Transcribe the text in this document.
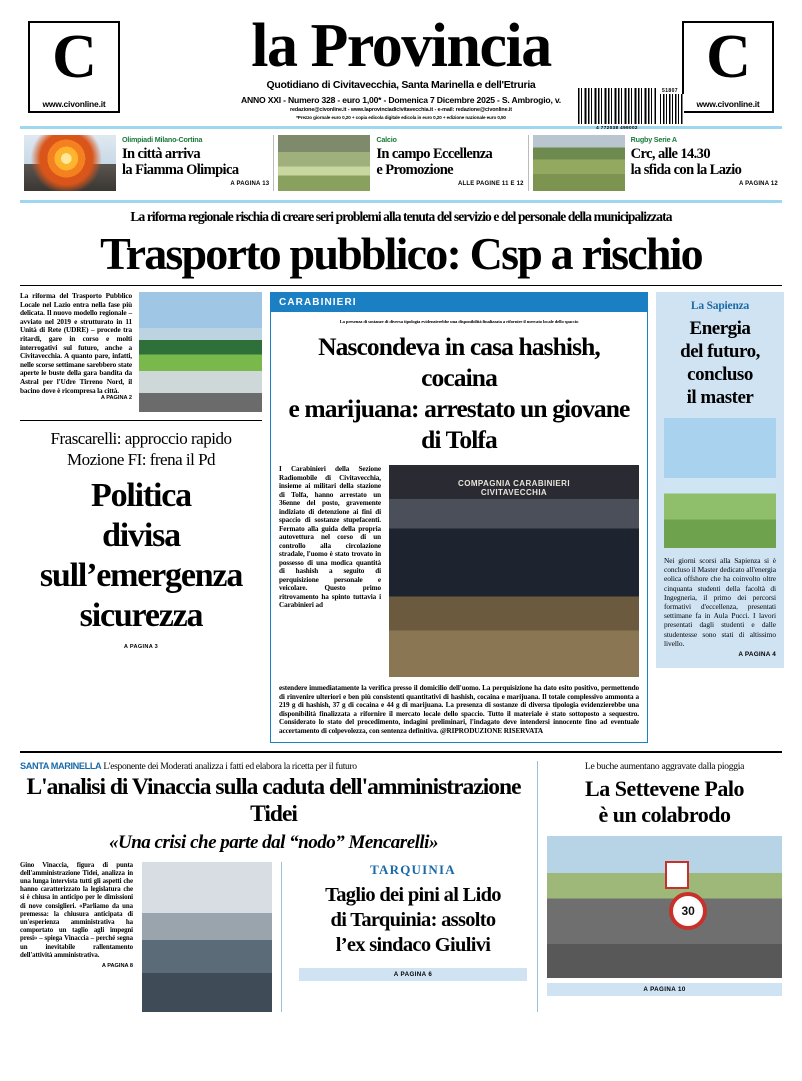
C
www.civonline.it
la Provincia
Quotidiano di Civitavecchia, Santa Marinella e dell'Etruria
ANNO XXI - Numero 328 - euro 1,00* - Domenica 7 Dicembre 2025 - S. Ambrogio, v.
redazione@civonline.it - www.laprovinciadicivitavecchia.it - e-mail: redazione@civonline.it
*Prezzo giornale euro 0,20 + copia edicola digitale edicola in euro 0,20 + edizione nazionale euro 0,50
C
www.civonline.it
4 772038 499002
51807
Olimpiadi Milano-Cortina
In città arriva
la Fiamma Olimpica
A PAGINA 13
Calcio
In campo Eccellenza
e Promozione
ALLE PAGINE 11 E 12
Rugby Serie A
Crc, alle 14.30
la sfida con la Lazio
A PAGINA 12
La riforma regionale rischia di creare seri problemi alla tenuta del servizio e del personale della municipalizzata
Trasporto pubblico: Csp a rischio
La riforma del Trasporto Pubblico Locale nel Lazio entra nella fase più delicata. Il nuovo modello regionale – avviato nel 2019 e strutturato in 11 Unità di Rete (UDRE) – procede tra ritardi, gare in corso e molti interrogativi sul futuro, anche a Civitavecchia. A quanto pare, infatti, nelle scorse settimane sarebbero state aperte le buste della gara bandita da Astral per l'Udre Tirreno Nord, il bacino dove è ricompresa la città.
A PAGINA 2
Frascarelli: approccio rapido
Mozione FI: frena il Pd
Politica
divisa
sull’emergenza
sicurezza
A PAGINA 3
CARABINIERI
La presenza di sostanze di diversa tipologia evidenzierebbe una disponibilità finalizzata a rifornire il mercato locale dello spaccio
Nascondeva in casa hashish, cocaina
e marijuana: arrestato un giovane di Tolfa
I Carabinieri della Sezione Radiomobile di Civitavecchia, insieme ai militari della stazione di Tolfa, hanno arrestato un 36enne del posto, gravemente indiziato di detenzione ai fini di spaccio di sostanze stupefacenti. Fermato alla guida della propria autovettura nel corso di un controllo alla circolazione stradale, l'uomo è stato trovato in possesso di una modica quantità di hashish a seguito di perquisizione personale e veicolare. Questo primo ritrovamento ha spinto tuttavia i Carabinieri ad
COMPAGNIA CARABINIERI
CIVITAVECCHIA
estendere immediatamente la verifica presso il domicilio dell'uomo. La perquisizione ha dato esito positivo, permettendo di rinvenire ulteriori e ben più consistenti quantitativi di hashish, cocaina e marijuana. Il totale complessivo ammonta a 219 g di hashish, 37 g di cocaina e 44 g di marijuana. La presenza di sostanze di diversa tipologia evidenzierebbe una disponibilità finalizzata a rifornire il mercato locale dello spaccio. Tutto il materiale è stato sottoposto a sequestro. Considerato lo stato del procedimento, indagini preliminari, l'indagato deve intendersi innocente fino ad eventuale accertamento di colpevolezza, con sentenza definitiva. @RIPRODUZIONE RISERVATA
La Sapienza
Energia
del futuro,
concluso
il master
Nei giorni scorsi alla Sapienza si è concluso il Master dedicato all'energia eolica offshore che ha coinvolto oltre cinquanta studenti della facoltà di Ingegneria, il primo dei percorsi formativi d'eccellenza, presentati settimane fa in Aula Pucci. I lavori presentati dagli studenti e dalle studentesse sono stati di altissimo livello.
A PAGINA 4
SANTA MARINELLA L'esponente dei Moderati analizza i fatti ed elabora la ricetta per il futuro
L'analisi di Vinaccia sulla caduta dell'amministrazione Tidei
«Una crisi che parte dal “nodo” Mencarelli»
Gino Vinaccia, figura di punta dell'amministrazione Tidei, analizza in una lunga intervista tutti gli aspetti che hanno caratterizzato la legislatura che si è chiusa in anticipo per le dimissioni di nove consiglieri. «Parliamo da una premessa: la chiusura anticipata di un'esperienza amministrativa ha comportato un taglio agli impegni presi» – spiega Vinaccia – perché segna un inevitabile rallentamento dell'attività amministrativa.
A PAGINA 8
TARQUINIA
Taglio dei pini al Lido
di Tarquinia: assolto
l’ex sindaco Giulivi
A PAGINA 6
Le buche aumentano aggravate dalla pioggia
La Settevene Palo
è un colabrodo
30
A PAGINA 10
